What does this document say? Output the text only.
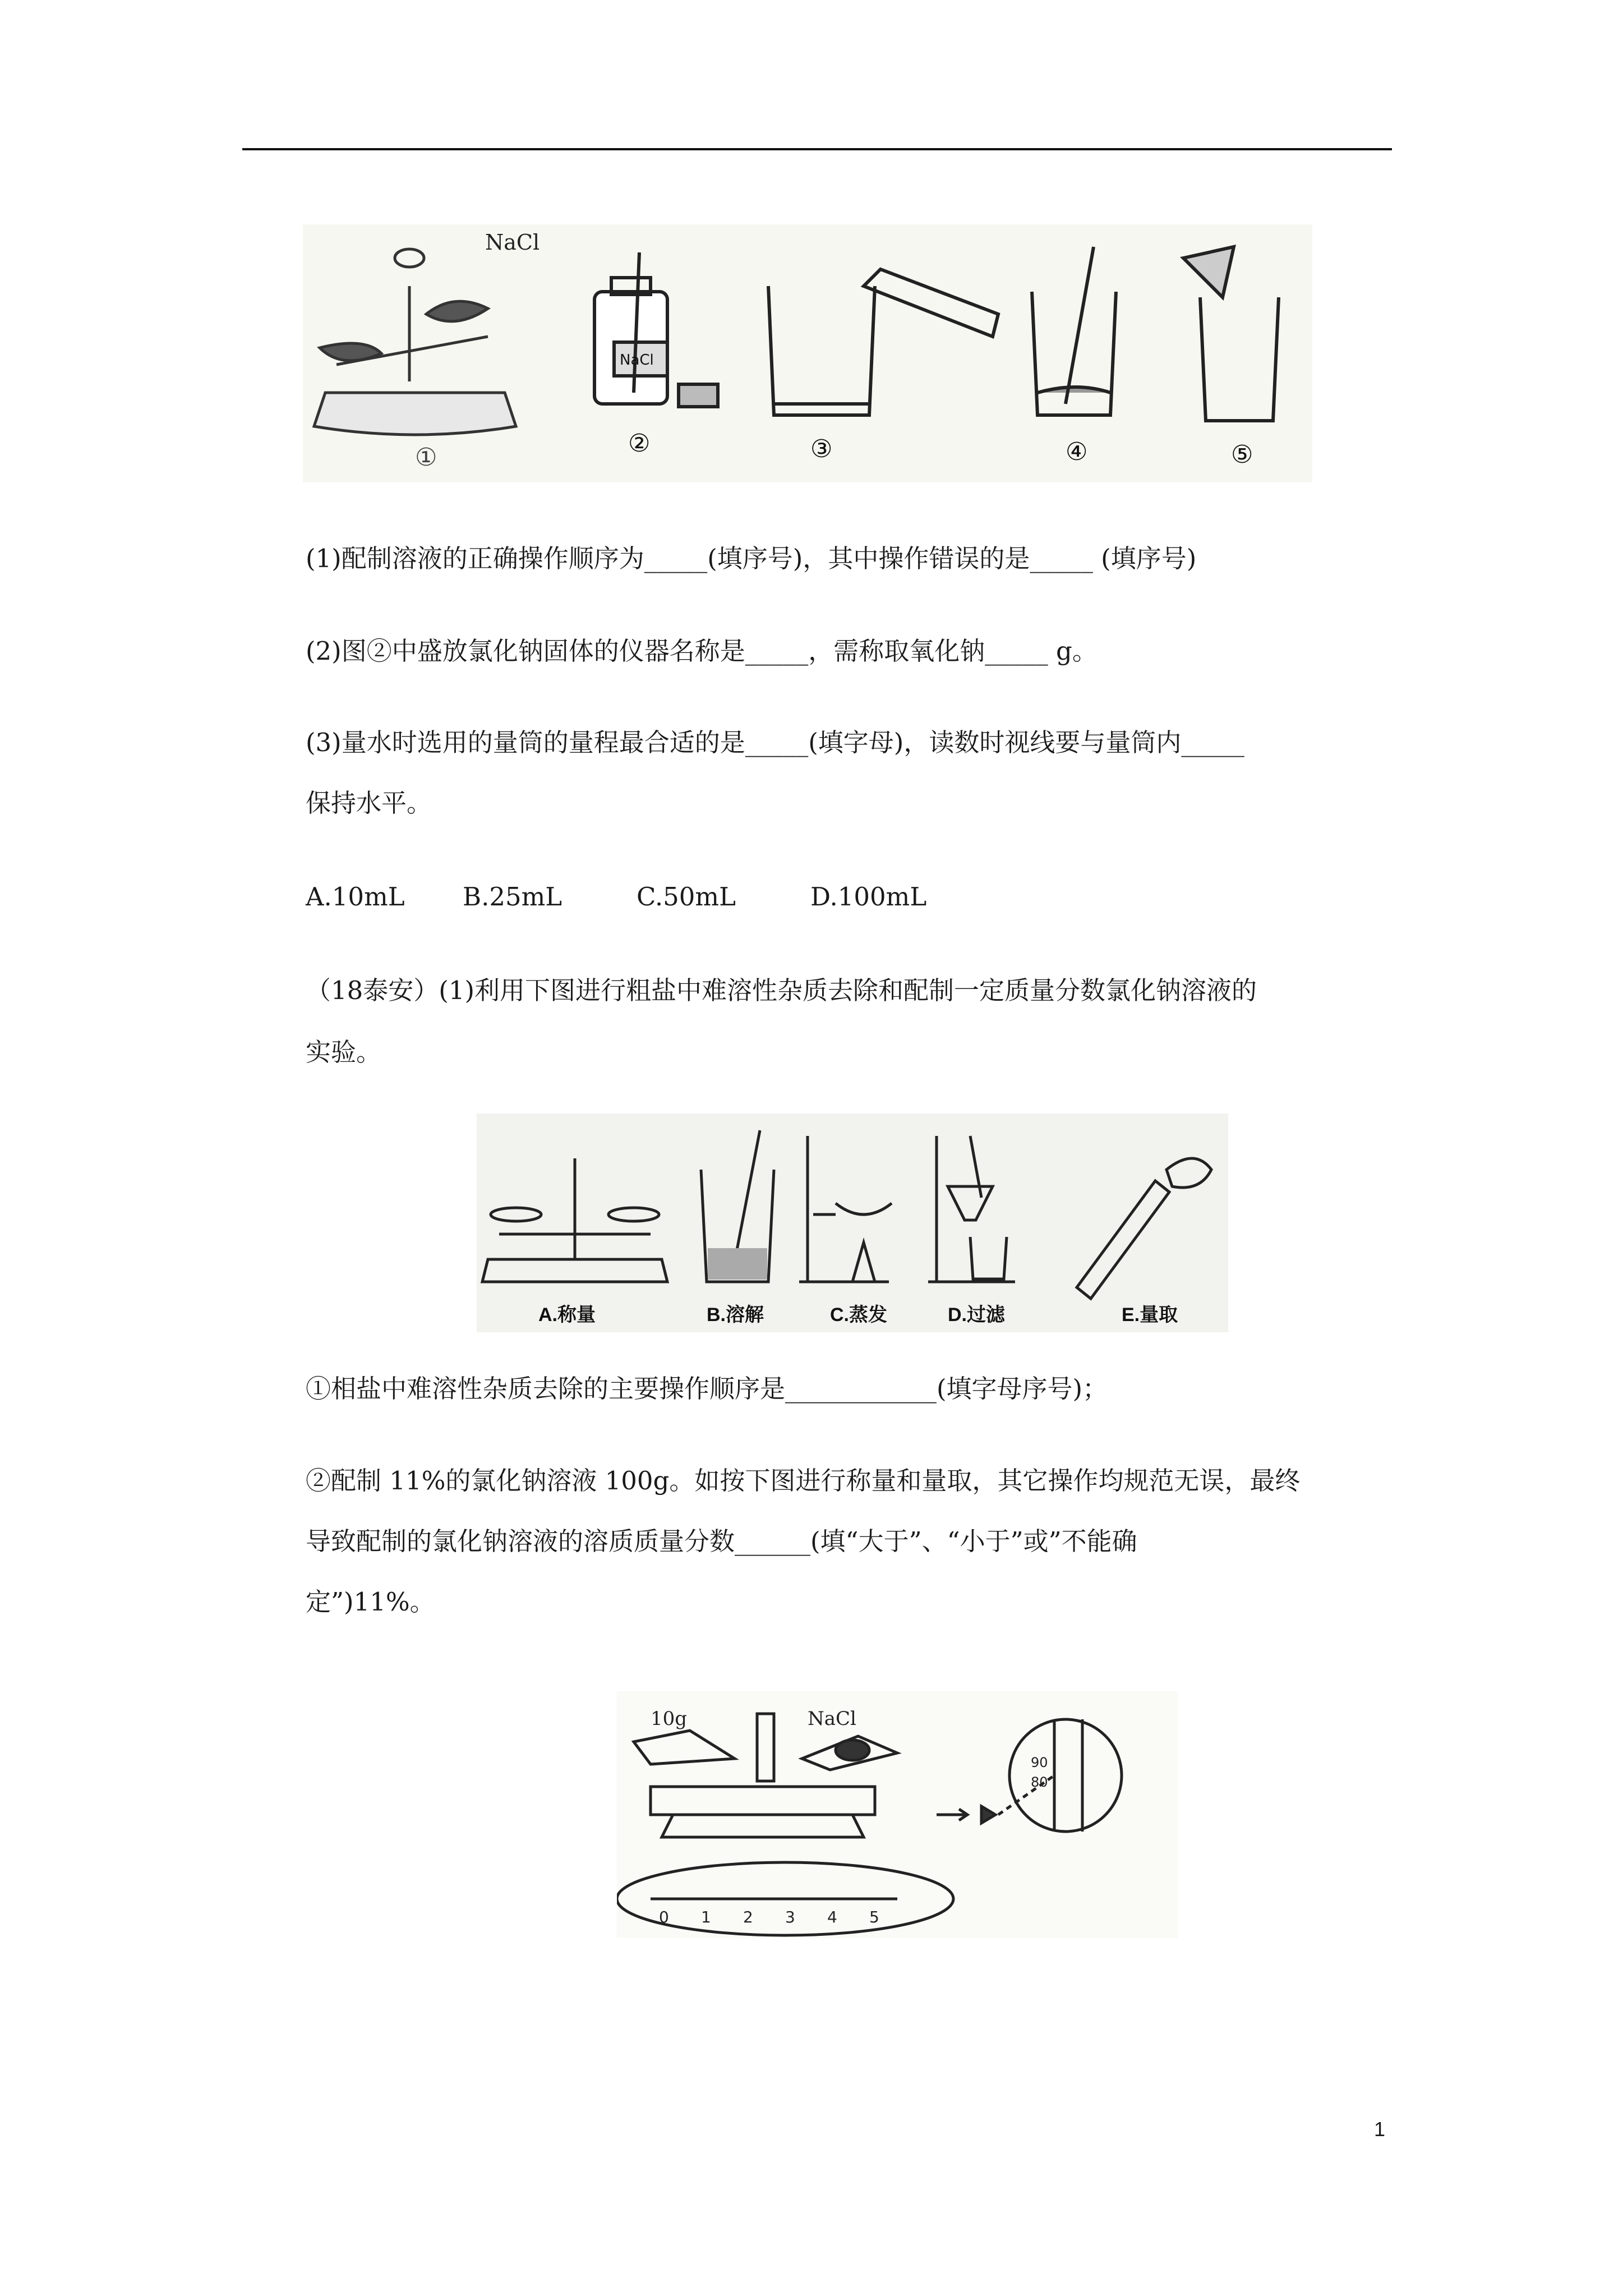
NaCl
①
NaCl
②	③	④	⑤
(1)配制溶液的正确操作顺序为_____(填序号)，其中操作错误的是_____ (填序号)
(2)图②中盛放氯化钠固体的仪器名称是_____，需称取氧化钠_____ g。
(3)量水时选用的量筒的量程最合适的是_____(填字母)，读数时视线要与量筒内_____
保持水平。
A.10mL	B.25mL	C.50mL	D.100mL
（18泰安）(1)利用下图进行粗盐中难溶性杂质去除和配制一定质量分数氯化钠溶液的
实验。
A.称量	B.溶解	C.蒸发	D.过滤	E.量取
①相盐中难溶性杂质去除的主要操作顺序是____________(填字母序号)；
②配制 11%的氯化钠溶液 100g。如按下图进行称量和量取，其它操作均规范无误，最终
导致配制的氯化钠溶液的溶质质量分数______(填“大于”、“小于”或”不能确
定”)11%。
10g	NaCl
0 1 2 3 4 5
90
80
1
